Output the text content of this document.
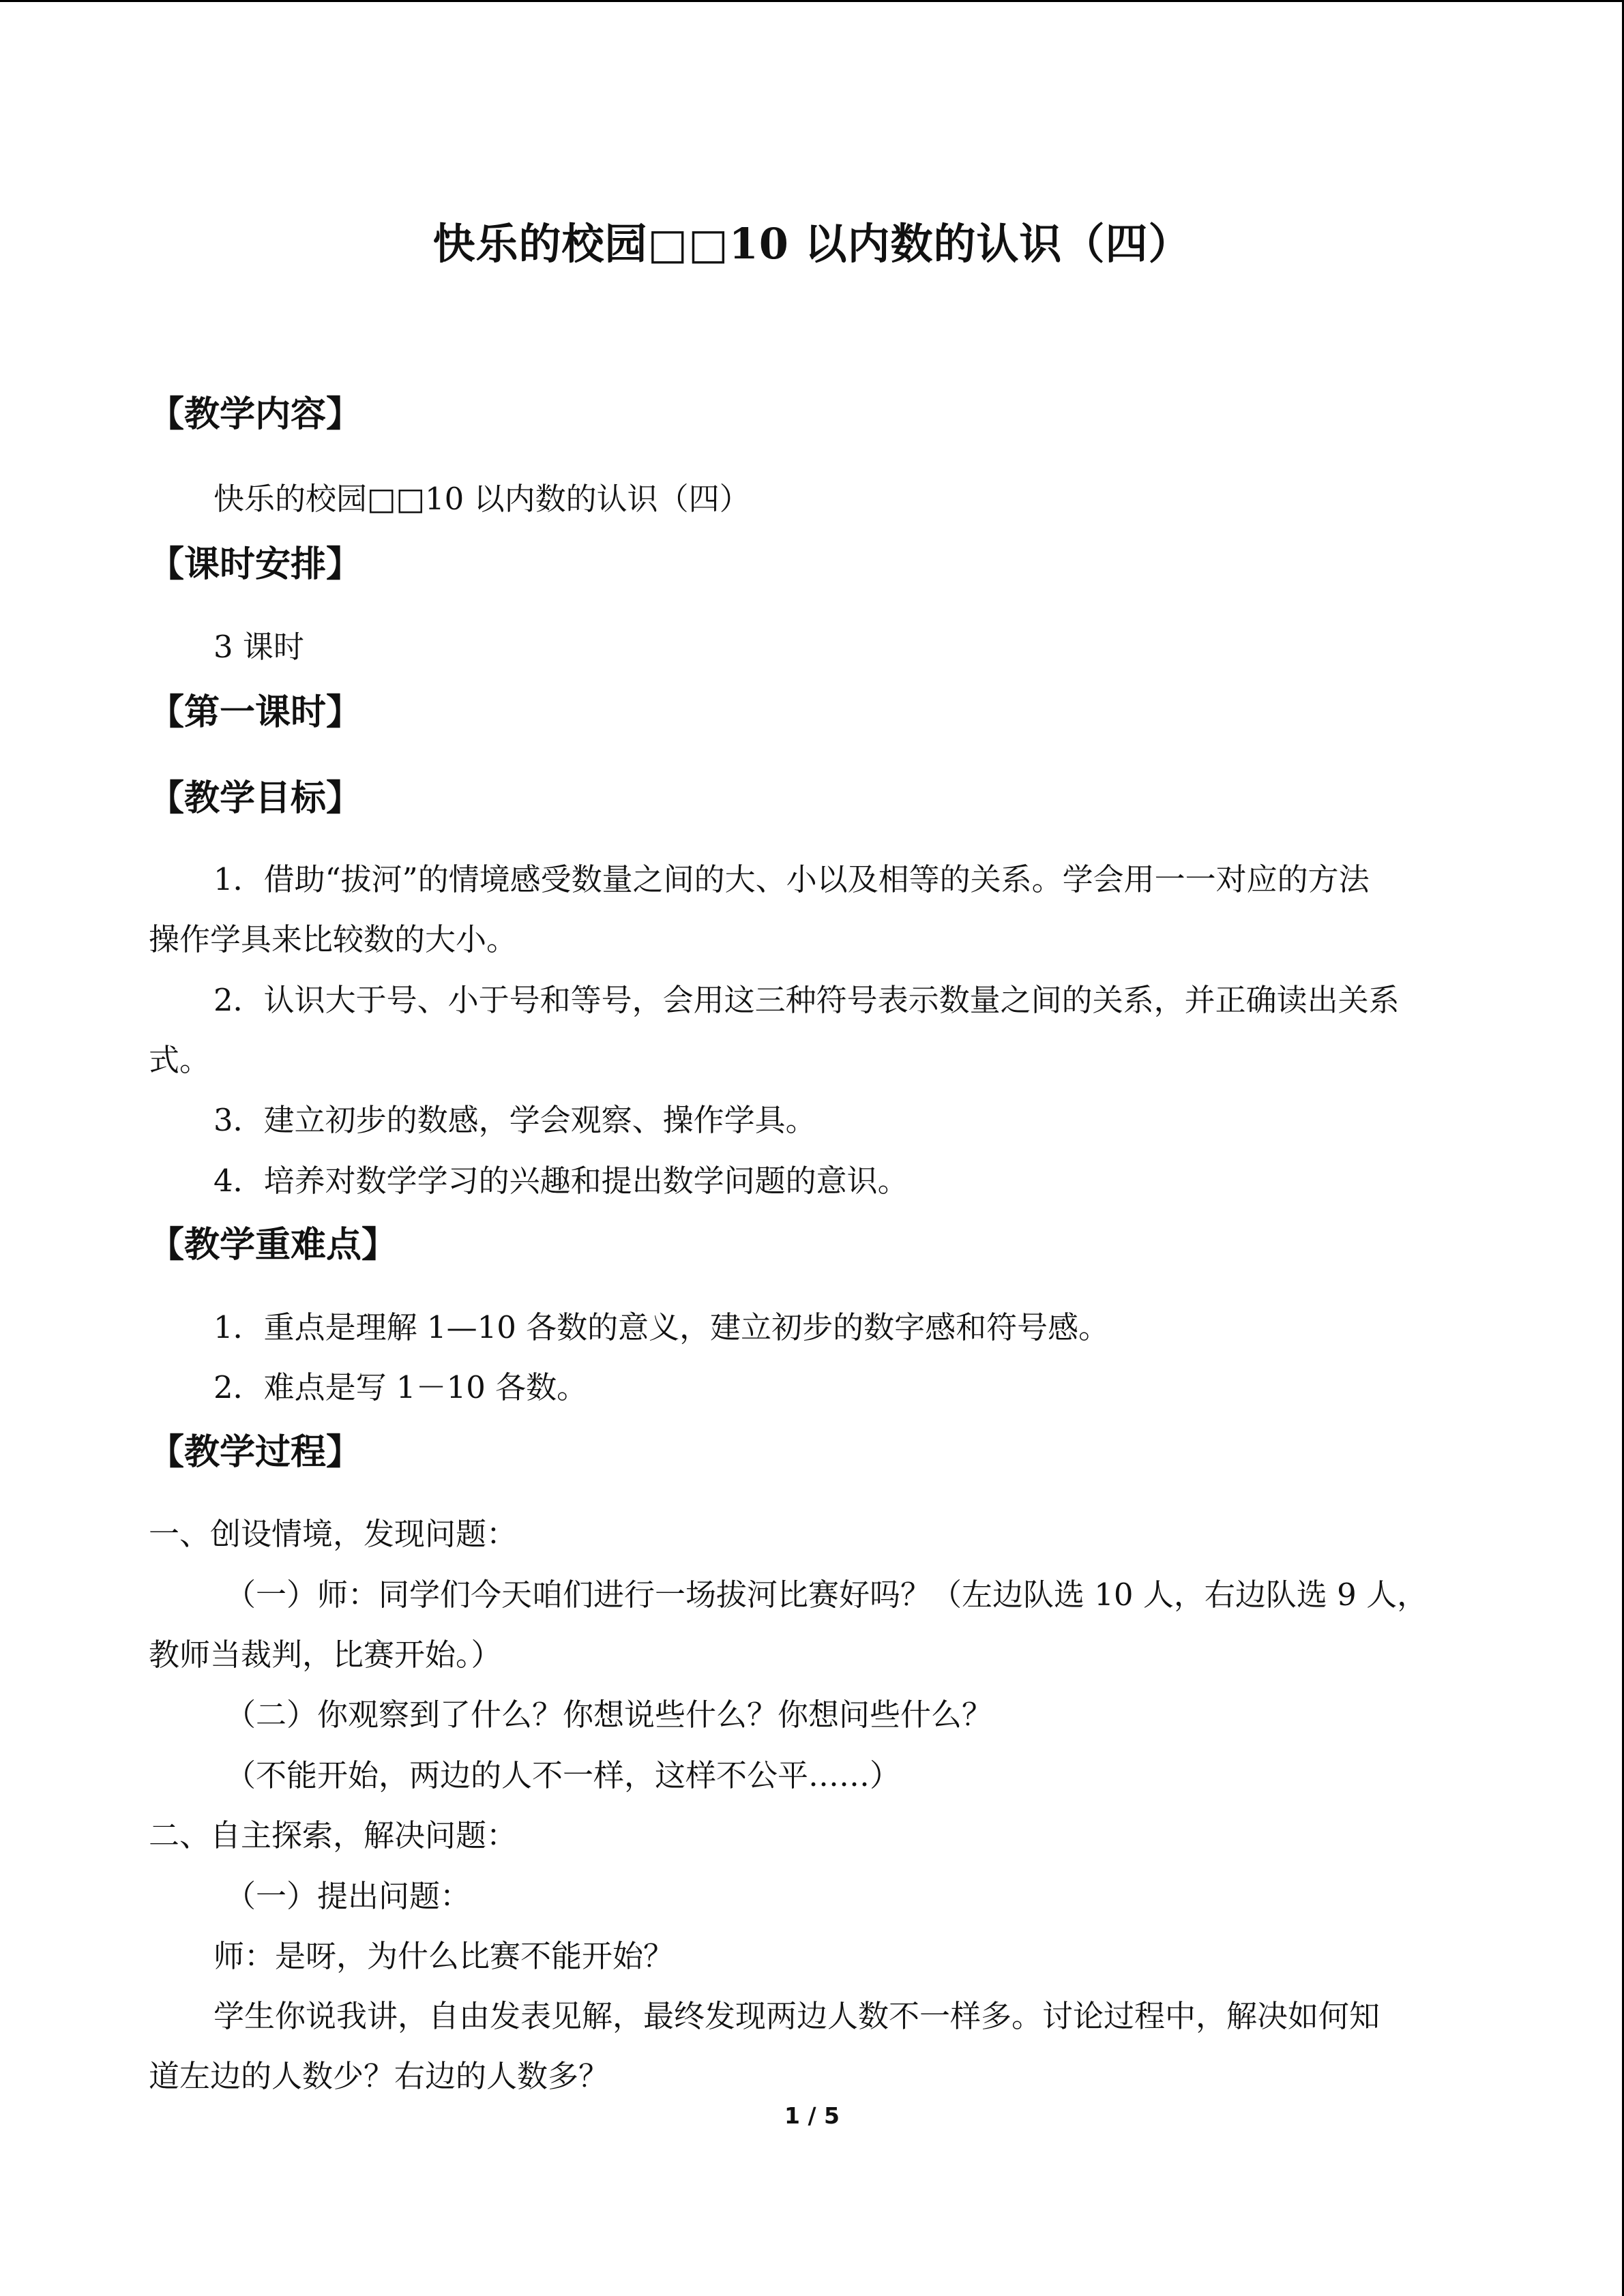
快乐的校园□□10 以内数的认识（四）
【教学内容】
快乐的校园□□10 以内数的认识（四）
【课时安排】
3 课时
【第一课时】
【教学目标】
1．借助“拔河”的情境感受数量之间的大、小以及相等的关系。学会用一一对应的方法
操作学具来比较数的大小。
2．认识大于号、小于号和等号，会用这三种符号表示数量之间的关系，并正确读出关系
式。
3．建立初步的数感，学会观察、操作学具。
4．培养对数学学习的兴趣和提出数学问题的意识。
【教学重难点】
1．重点是理解 1—10 各数的意义，建立初步的数字感和符号感。
2．难点是写 1－10 各数。
【教学过程】
一、创设情境，发现问题：
（一）师：同学们今天咱们进行一场拔河比赛好吗？（左边队选 10 人，右边队选 9 人，
教师当裁判，比赛开始。）
（二）你观察到了什么？你想说些什么？你想问些什么？
（不能开始，两边的人不一样，这样不公平……）
二、自主探索，解决问题：
（一）提出问题：
师：是呀，为什么比赛不能开始？
学生你说我讲，自由发表见解，最终发现两边人数不一样多。讨论过程中，解决如何知
道左边的人数少？右边的人数多？
1 / 5
